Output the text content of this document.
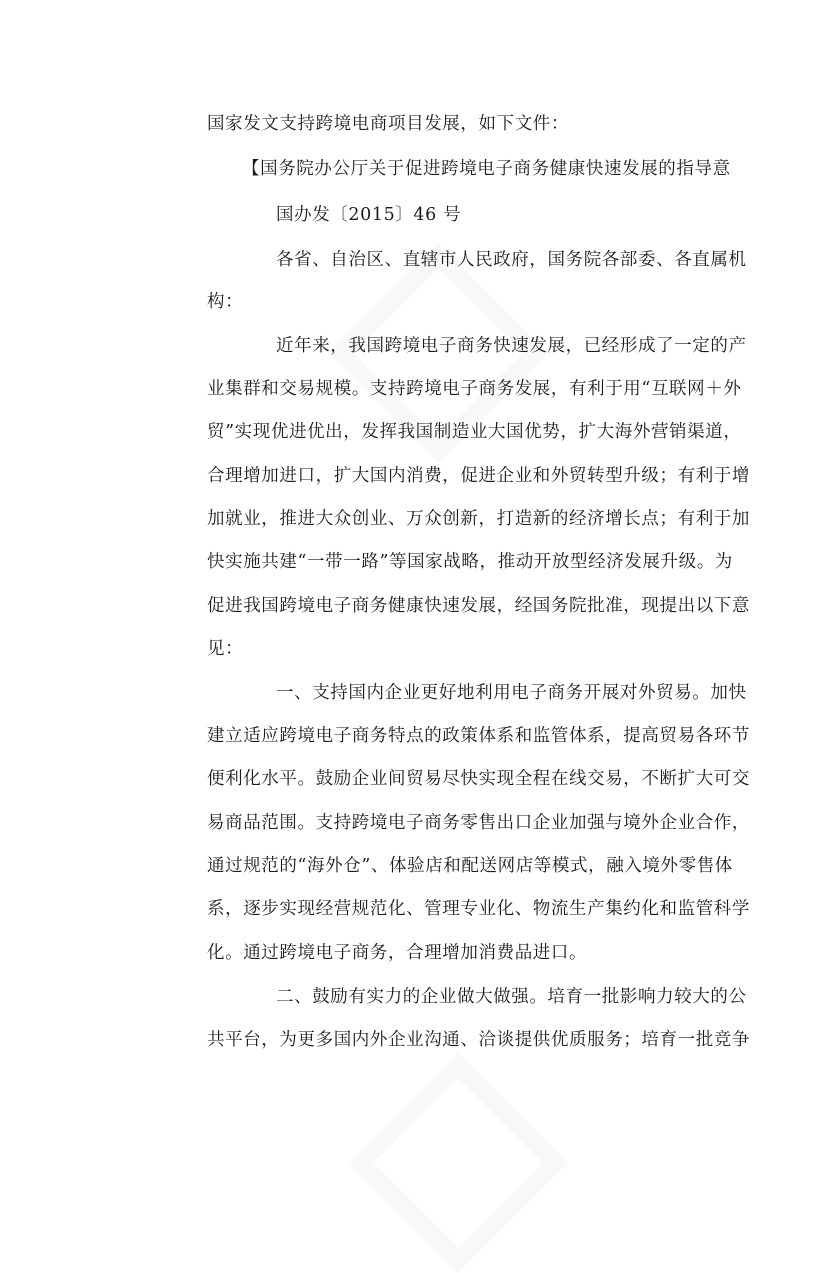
国家发文支持跨境电商项目发展，如下文件：
【国务院办公厅关于促进跨境电子商务健康快速发展的指导意
国办发〔2015〕46 号
各省、自治区、直辖市人民政府，国务院各部委、各直属机
构：
近年来，我国跨境电子商务快速发展，已经形成了一定的产
业集群和交易规模。支持跨境电子商务发展，有利于用“互联网＋外
贸”实现优进优出，发挥我国制造业大国优势，扩大海外营销渠道，
合理增加进口，扩大国内消费，促进企业和外贸转型升级；有利于增
加就业，推进大众创业、万众创新，打造新的经济增长点；有利于加
快实施共建“一带一路”等国家战略，推动开放型经济发展升级。为
促进我国跨境电子商务健康快速发展，经国务院批准，现提出以下意
见：
一、支持国内企业更好地利用电子商务开展对外贸易。加快
建立适应跨境电子商务特点的政策体系和监管体系，提高贸易各环节
便利化水平。鼓励企业间贸易尽快实现全程在线交易，不断扩大可交
易商品范围。支持跨境电子商务零售出口企业加强与境外企业合作，
通过规范的“海外仓”、体验店和配送网店等模式，融入境外零售体
系，逐步实现经营规范化、管理专业化、物流生产集约化和监管科学
化。通过跨境电子商务，合理增加消费品进口。
二、鼓励有实力的企业做大做强。培育一批影响力较大的公
共平台，为更多国内外企业沟通、洽谈提供优质服务；培育一批竞争
